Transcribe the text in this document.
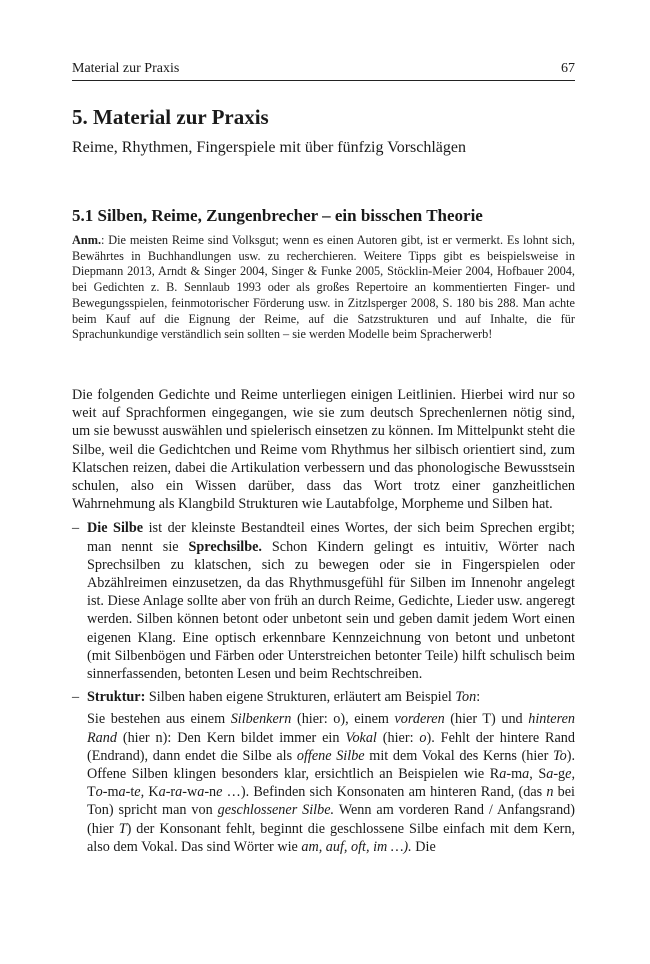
Material zur Praxis	67
5. Material zur Praxis
Reime, Rhythmen, Fingerspiele mit über fünfzig Vorschlägen
5.1 Silben, Reime, Zungenbrecher – ein bisschen Theorie
Anm.: Die meisten Reime sind Volksgut; wenn es einen Autoren gibt, ist er vermerkt. Es lohnt sich, Bewährtes in Buchhandlungen usw. zu recherchieren. Weitere Tipps gibt es beispielsweise in Diepmann 2013, Arndt & Singer 2004, Singer & Funke 2005, Stöcklin-Meier 2004, Hofbauer 2004, bei Gedichten z. B. Sennlaub 1993 oder als großes Repertoire an kommentierten Finger- und Bewegungsspielen, feinmotorischer Förderung usw. in Zitzlsperger 2008, S. 180 bis 288. Man achte beim Kauf auf die Eignung der Reime, auf die Satzstrukturen und auf Inhalte, die für Sprachunkundige verständlich sein sollten – sie werden Modelle beim Spracherwerb!

Die folgenden Gedichte und Reime unterliegen einigen Leitlinien. Hierbei wird nur so weit auf Sprachformen eingegangen, wie sie zum deutsch Sprechenlernen nötig sind, um sie bewusst auswählen und spielerisch einsetzen zu können. Im Mittelpunkt steht die Silbe, weil die Gedichtchen und Reime vom Rhythmus her silbisch orientiert sind, zum Klatschen reizen, dabei die Artikulation verbessern und das phonologische Bewusstsein schulen, also ein Wissen darüber, dass das Wort trotz einer ganzheitlichen Wahrnehmung als Klangbild Strukturen wie Lautabfolge, Morpheme und Silben hat.

– Die Silbe ist der kleinste Bestandteil eines Wortes, der sich beim Sprechen ergibt; man nennt sie Sprechsilbe. Schon Kindern gelingt es intuitiv, Wörter nach Sprechsilben zu klatschen, sich zu bewegen oder sie in Fingerspielen oder Abzählreimen einzusetzen, da das Rhythmusgefühl für Silben im Innenohr angelegt ist. Diese Anlage sollte aber von früh an durch Reime, Gedichte, Lieder usw. angeregt werden. Silben können betont oder unbetont sein und geben damit jedem Wort einen eigenen Klang. Eine optisch erkennbare Kennzeichnung von betont und unbetont (mit Silbenbögen und Färben oder Unterstreichen betonter Teile) hilft schulisch beim sinnerfassenden, betonten Lesen und beim Rechtschreiben.

– Struktur: Silben haben eigene Strukturen, erläutert am Beispiel Ton:

Sie bestehen aus einem Silbenkern (hier: o), einem vorderen (hier T) und hinteren Rand (hier n): Den Kern bildet immer ein Vokal (hier: o). Fehlt der hintere Rand (Endrand), dann endet die Silbe als offene Silbe mit dem Vokal des Kerns (hier To). Offene Silben klingen besonders klar, ersichtlich an Beispielen wie Ra-ma, Sa-ge, To-ma-te, Ka-ra-wa-ne …). Befinden sich Konsonaten am hinteren Rand, (das n bei Ton) spricht man von geschlossener Silbe. Wenn am vorderen Rand / Anfangsrand) (hier T) der Konsonant fehlt, beginnt die geschlossene Silbe einfach mit dem Kern, also dem Vokal. Das sind Wörter wie am, auf, oft, im …). Die
